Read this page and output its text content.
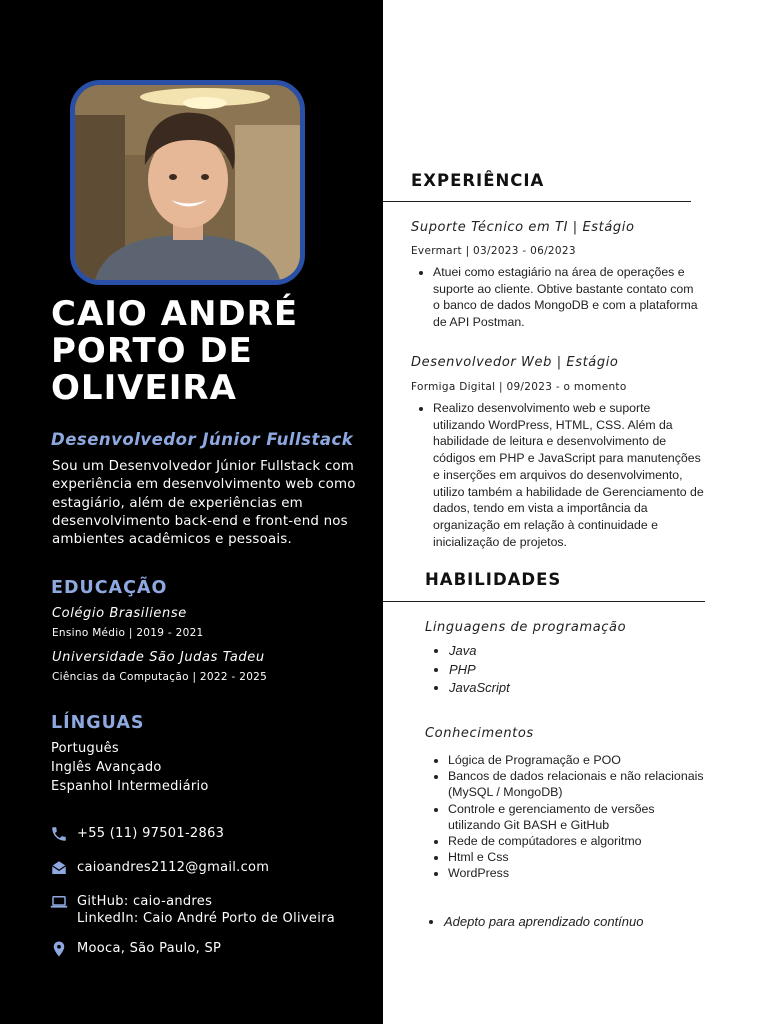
CAIO ANDRÉ
PORTO DE
OLIVEIRA
Desenvolvedor Júnior Fullstack

Sou um Desenvolvedor Júnior Fullstack com experiência em desenvolvimento web como estagiário, além de experiências em desenvolvimento back-end e front-end nos ambientes acadêmicos e pessoais.

EDUCAÇÃO
Colégio Brasiliense
Ensino Médio | 2019 - 2021
Universidade São Judas Tadeu
Ciências da Computação | 2022 - 2025
LÍNGUAS
Português
Inglês Avançado
Espanhol Intermediário
+55 (11) 97501-2863
caioandres2112@gmail.com
GitHub: caio-andres
LinkedIn: Caio André Porto de Oliveira
Mooca, São Paulo, SP
EXPERIÊNCIA
Suporte Técnico em TI | Estágio
Evermart | 03/2023 - 06/2023
• Atuei como estagiário na área de operações e suporte ao cliente. Obtive bastante contato com o banco de dados MongoDB e com a plataforma de API Postman.
Desenvolvedor Web | Estágio
Formiga Digital | 09/2023 - o momento
• Realizo desenvolvimento web e suporte utilizando WordPress, HTML, CSS. Além da habilidade de leitura e desenvolvimento de códigos em PHP e JavaScript para manutenções e inserções em arquivos do desenvolvimento, utilizo também a habilidade de Gerenciamento de dados, tendo em vista a importância da organização em relação à continuidade e inicialização de projetos.
HABILIDADES
Linguagens de programação
• Java
• PHP
• JavaScript
Conhecimentos
• Lógica de Programação e POO
• Bancos de dados relacionais e não relacionais (MySQL / MongoDB)
• Controle e gerenciamento de versões utilizando Git BASH e GitHub
• Rede de compútadores e algoritmo
• Html e Css
• WordPress
• Adepto para aprendizado contínuo
